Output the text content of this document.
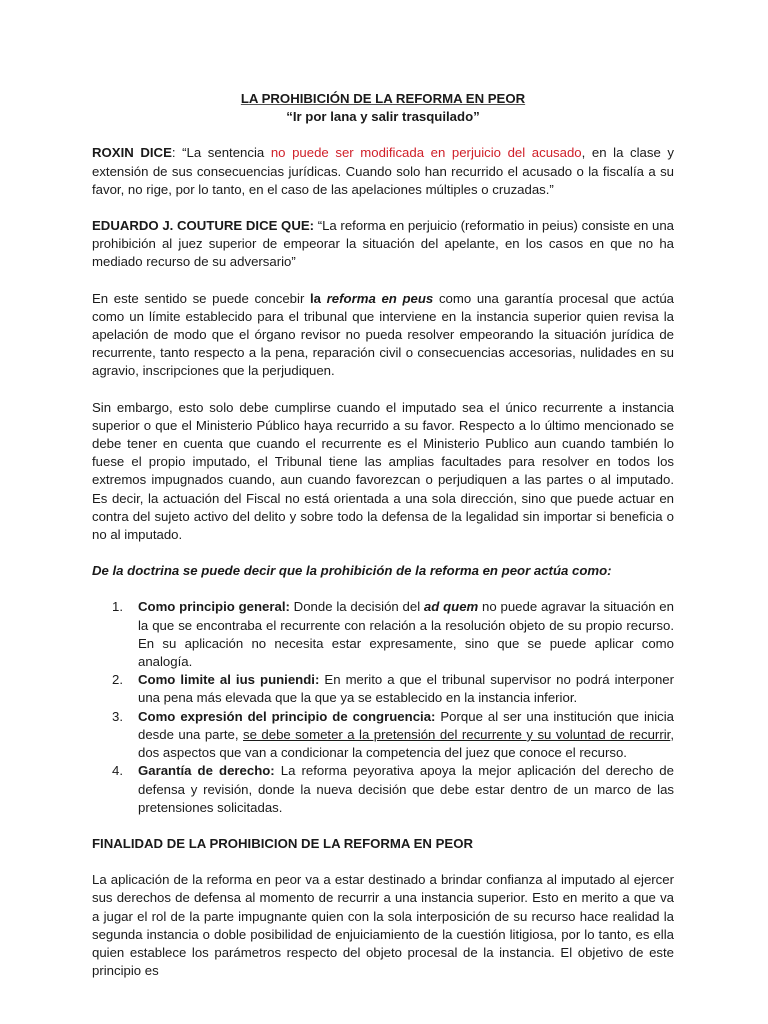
LA PROHIBICIÓN DE LA REFORMA EN PEOR
“Ir por lana y salir trasquilado”

ROXIN DICE: “La sentencia no puede ser modificada en perjuicio del acusado, en la clase y extensión de sus consecuencias jurídicas. Cuando solo han recurrido el acusado o la fiscalía a su favor, no rige, por lo tanto, en el caso de las apelaciones múltiples o cruzadas.”

EDUARDO J. COUTURE DICE QUE: “La reforma en perjuicio (reformatio in peius) consiste en una prohibición al juez superior de empeorar la situación del apelante, en los casos en que no ha mediado recurso de su adversario”

En este sentido se puede concebir la reforma en peus como una garantía procesal que actúa como un límite establecido para el tribunal que interviene en la instancia superior quien revisa la apelación de modo que el órgano revisor no pueda resolver empeorando la situación jurídica de recurrente, tanto respecto a la pena, reparación civil o consecuencias accesorias, nulidades en su agravio, inscripciones que la perjudiquen.

Sin embargo, esto solo debe cumplirse cuando el imputado sea el único recurrente a instancia superior o que el Ministerio Público haya recurrido a su favor. Respecto a lo último mencionado se debe tener en cuenta que cuando el recurrente es el Ministerio Publico aun cuando también lo fuese el propio imputado, el Tribunal tiene las amplias facultades para resolver en todos los extremos impugnados cuando, aun cuando favorezcan o perjudiquen a las partes o al imputado. Es decir, la actuación del Fiscal no está orientada a una sola dirección, sino que puede actuar en contra del sujeto activo del delito y sobre todo la defensa de la legalidad sin importar si beneficia o no al imputado.

De la doctrina se puede decir que la prohibición de la reforma en peor actúa como:

1. Como principio general: Donde la decisión del ad quem no puede agravar la situación en la que se encontraba el recurrente con relación a la resolución objeto de su propio recurso. En su aplicación no necesita estar expresamente, sino que se puede aplicar como analogía.
2. Como limite al ius puniendi: En merito a que el tribunal supervisor no podrá interponer una pena más elevada que la que ya se establecido en la instancia inferior.
3. Como expresión del principio de congruencia: Porque al ser una institución que inicia desde una parte, se debe someter a la pretensión del recurrente y su voluntad de recurrir, dos aspectos que van a condicionar la competencia del juez que conoce el recurso.
4. Garantía de derecho: La reforma peyorativa apoya la mejor aplicación del derecho de defensa y revisión, donde la nueva decisión que debe estar dentro de un marco de las pretensiones solicitadas.

FINALIDAD DE LA PROHIBICION DE LA REFORMA EN PEOR

La aplicación de la reforma en peor va a estar destinado a brindar confianza al imputado al ejercer sus derechos de defensa al momento de recurrir a una instancia superior. Esto en merito a que va a jugar el rol de la parte impugnante quien con la sola interposición de su recurso hace realidad la segunda instancia o doble posibilidad de enjuiciamiento de la cuestión litigiosa, por lo tanto, es ella quien establece los parámetros respecto del objeto procesal de la instancia. El objetivo de este principio es
